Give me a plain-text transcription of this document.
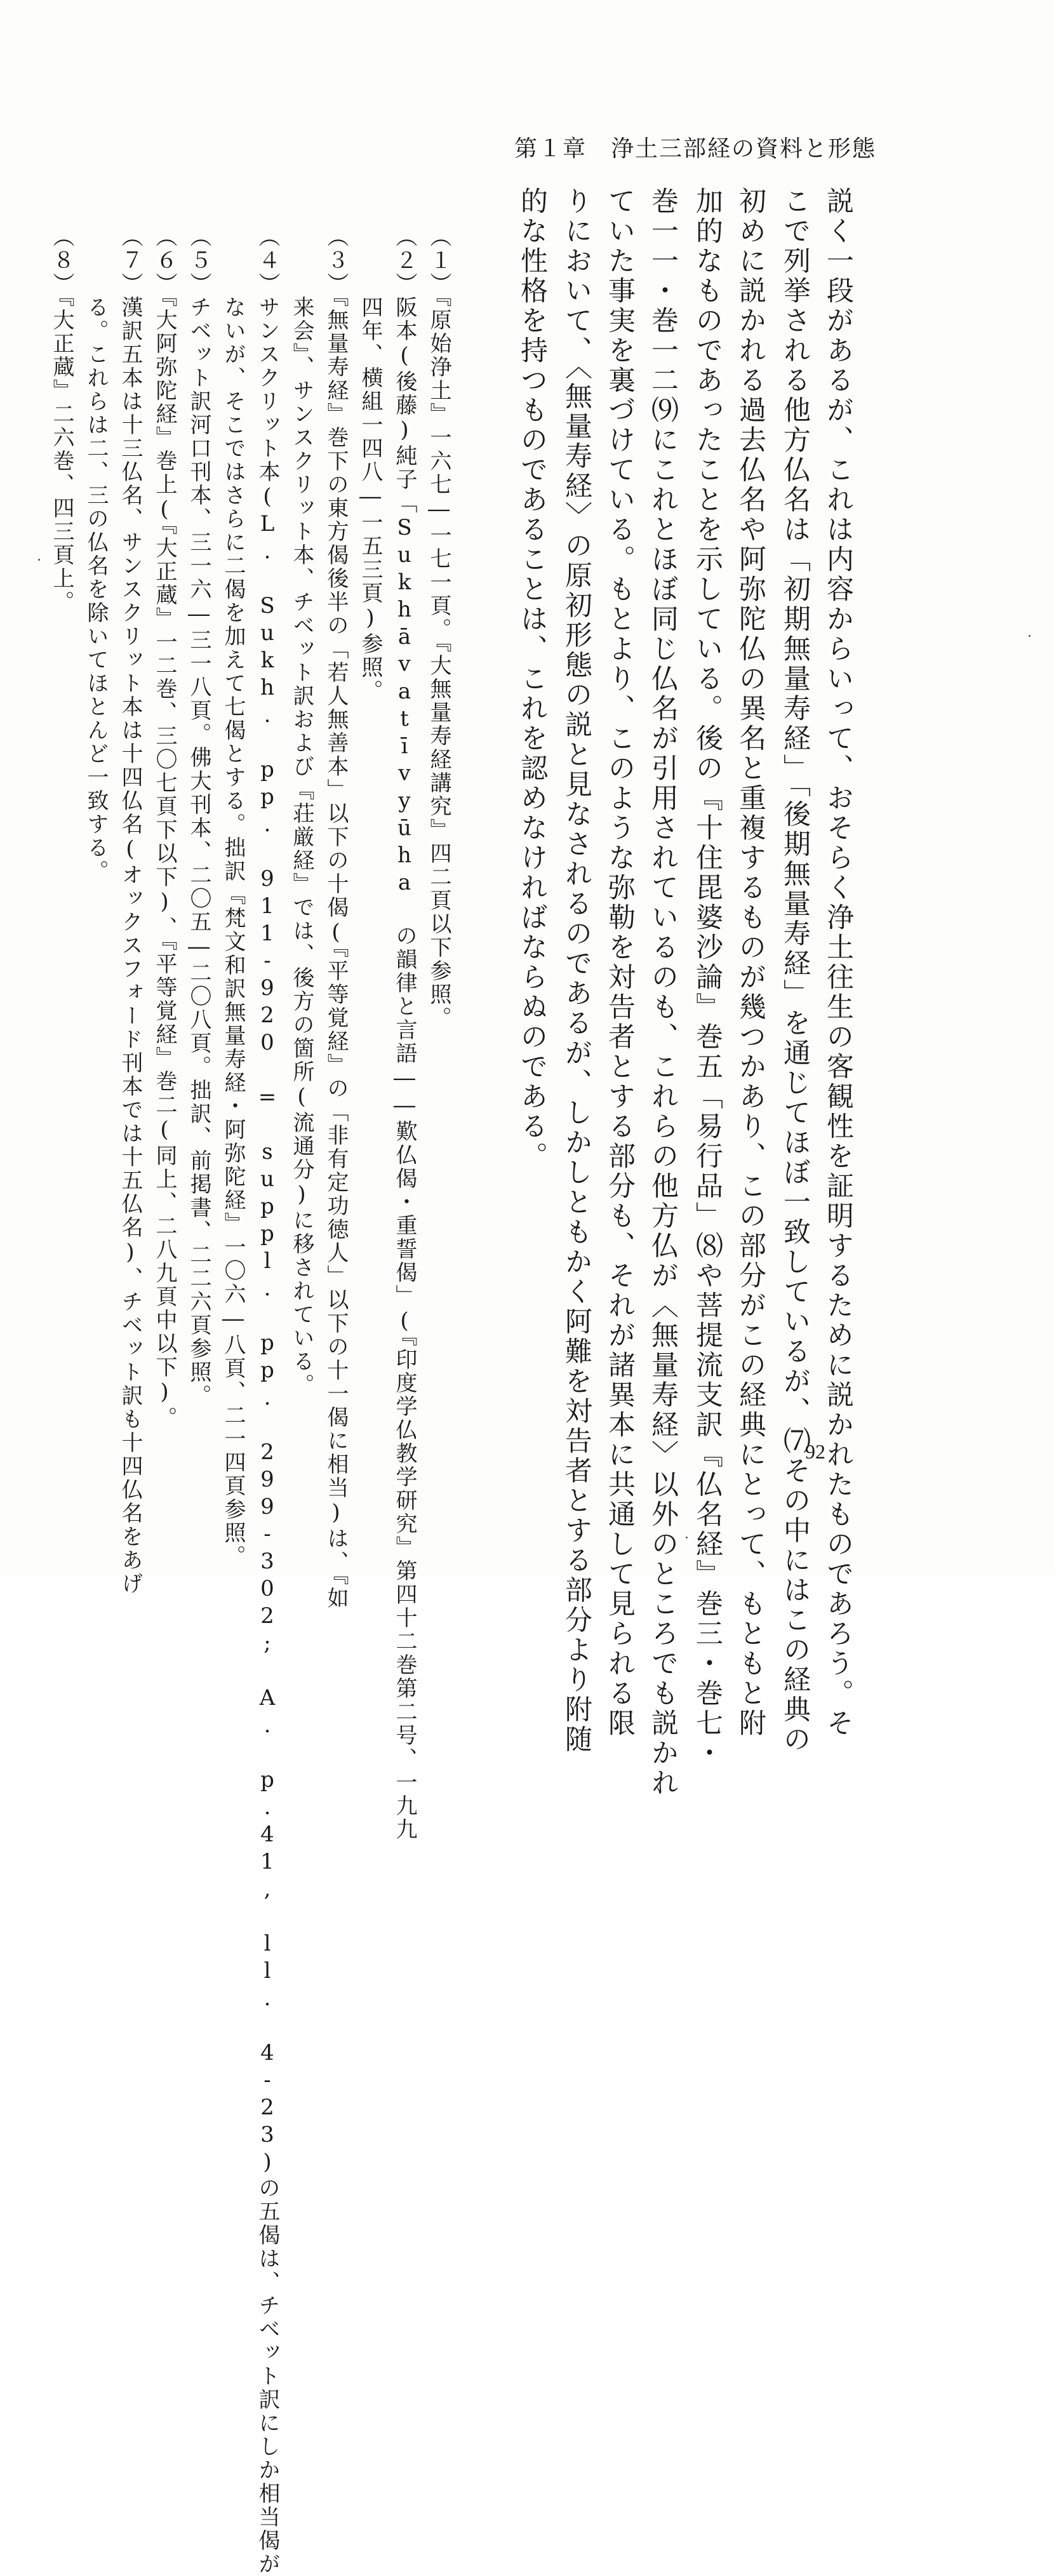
第１章　浄土三部経の資料と形態
説く一段があるが、これは内容からいって、おそらく浄土往生の客観性を証明するために説かれたものであろう。そ
こで列挙される他方仏名は「初期無量寿経」「後期無量寿経」を通じてほぼ一致しているが、⑺その中にはこの経典の
初めに説かれる過去仏名や阿弥陀仏の異名と重複するものが幾つかあり、この部分がこの経典にとって、もともと附
加的なものであったことを示している。後の『十住毘婆沙論』巻五「易行品」⑻や菩提流支訳『仏名経』巻三・巻七・
巻一一・巻一二⑼にこれとほぼ同じ仏名が引用されているのも、これらの他方仏が〈無量寿経〉以外のところでも説かれ
ていた事実を裏づけている。もとより、このような弥勒を対告者とする部分も、それが諸異本に共通して見られる限
りにおいて、〈無量寿経〉の原初形態の説と見なされるのであるが、しかしともかく阿難を対告者とする部分より附随
的な性格を持つものであることは、これを認めなければならぬのである。
（１）『原始浄土』一六七―一七一頁。『大無量寿経講究』四二頁以下参照。
（２）阪本(後藤)純子「Sukhāvatīvyūha の韻律と言語――歎仏偈・重誓偈」(『印度学仏教学研究』第四十二巻第二号、一九九
　　　四年、横組一四八―一五三頁)参照。
（３）『無量寿経』巻下の東方偈後半の「若人無善本」以下の十偈(『平等覚経』の「非有定功徳人」以下の十一偈に相当)は、『如
　　　来会』、サンスクリット本、チベット訳および『荘厳経』では、後方の箇所(流通分)に移されている。
（４）サンスクリット本(L. Sukh. pp. 911-920 = suppl. pp. 299-302; A. p.41, ll. 4-23)の五偈は、チベット訳にしか相当偈が
　　　ないが、そこではさらに二偈を加えて七偈とする。拙訳『梵文和訳無量寿経・阿弥陀経』一〇六―八頁、二一四頁参照。
（５）チベット訳河口刊本、三一六―三一八頁。佛大刊本、二〇五―二〇八頁。拙訳、前掲書、二二六頁参照。
（６）『大阿弥陀経』巻上(『大正蔵』一二巻、三〇七頁下以下)、『平等覚経』巻二(同上、二八九頁中以下)。
（７）漢訳五本は十三仏名、サンスクリット本は十四仏名(オックスフォード刊本では十五仏名)、チベット訳も十四仏名をあげ
　　　る。これらは二、三の仏名を除いてほとんど一致する。
（８）『大正蔵』二六巻、四三頁上。
92
